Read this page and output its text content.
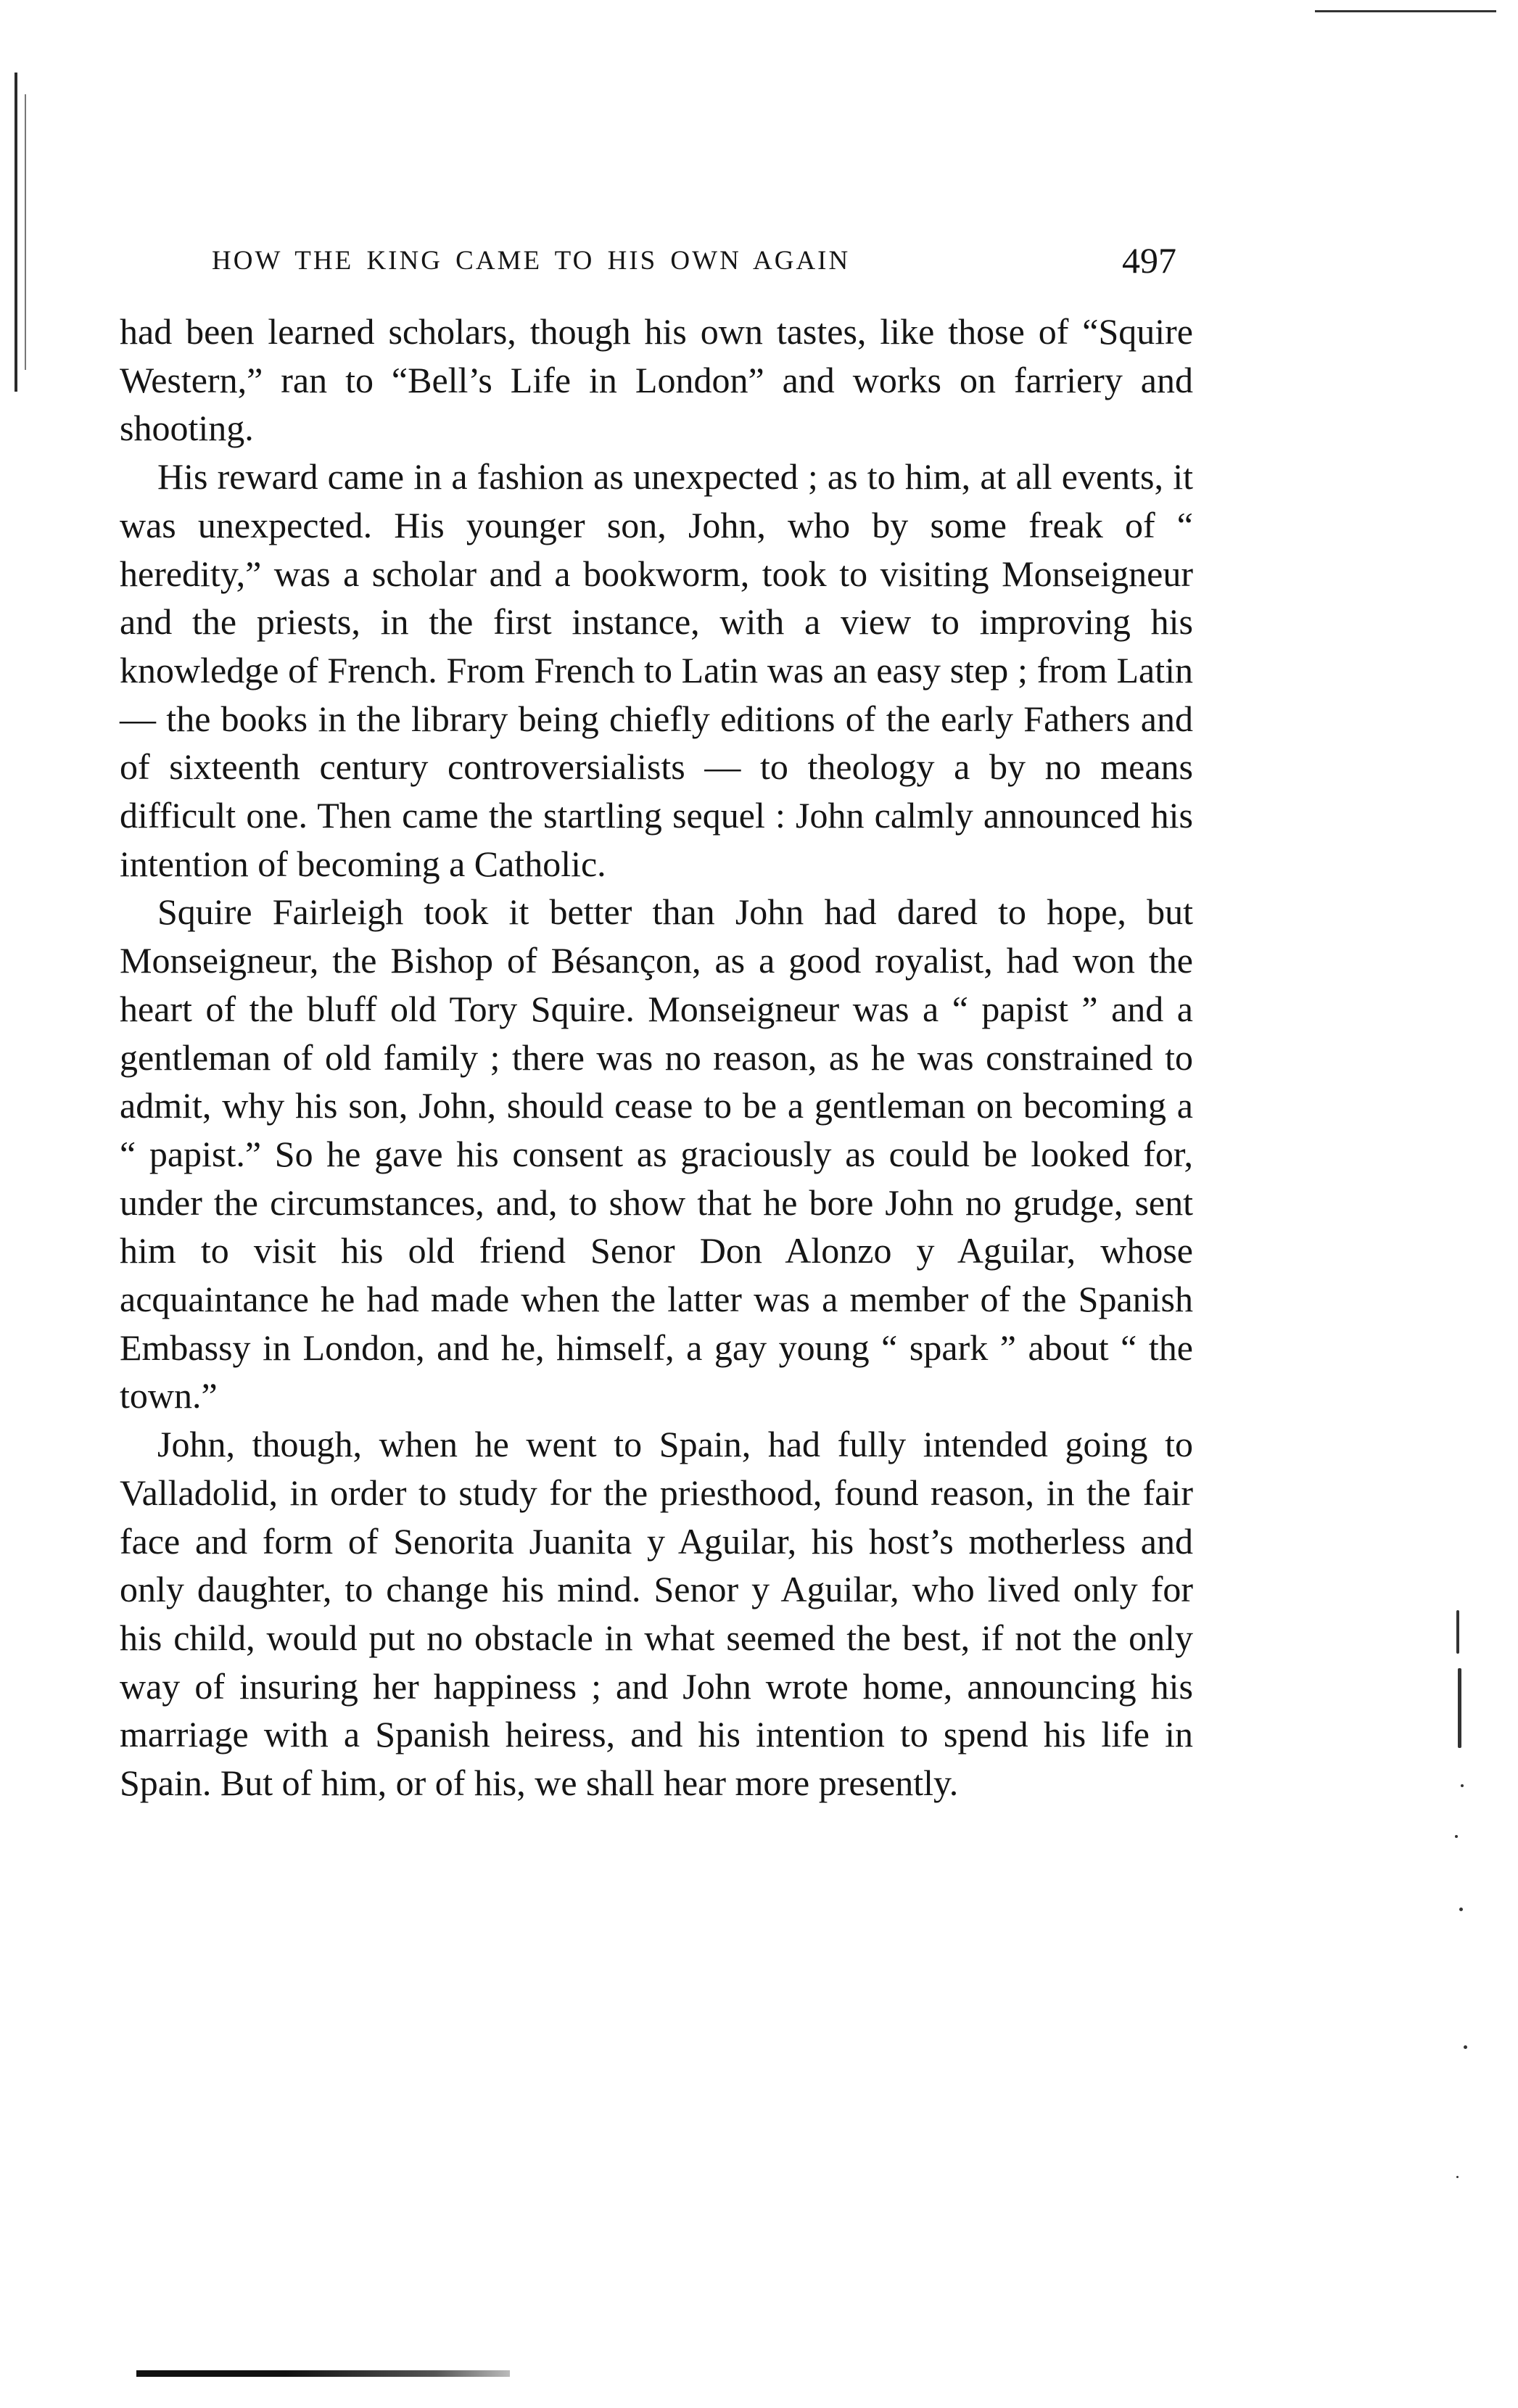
HOW THE KING CAME TO HIS OWN AGAIN	497

had been learned scholars, though his own tastes, like those of “Squire Western,” ran to “Bell’s Life in London” and works on farriery and shooting.

His reward came in a fashion as unexpected ; as to him, at all events, it was unexpected. His younger son, John, who by some freak of “ heredity,” was a scholar and a bookworm, took to visiting Monseigneur and the priests, in the first instance, with a view to improving his knowledge of French. From French to Latin was an easy step ; from Latin — the books in the library being chiefly editions of the early Fathers and of sixteenth century controversialists — to theology a by no means difficult one. Then came the startling sequel : John calmly announced his intention of becoming a Catholic.

Squire Fairleigh took it better than John had dared to hope, but Monseigneur, the Bishop of Bésançon, as a good royalist, had won the heart of the bluff old Tory Squire. Monseigneur was a “ papist ” and a gentleman of old family ; there was no reason, as he was constrained to admit, why his son, John, should cease to be a gentleman on becoming a “ papist.” So he gave his consent as graciously as could be looked for, under the circumstances, and, to show that he bore John no grudge, sent him to visit his old friend Senor Don Alonzo y Aguilar, whose acquaintance he had made when the latter was a member of the Spanish Embassy in London, and he, himself, a gay young “ spark ” about “ the town.”

John, though, when he went to Spain, had fully intended going to Valladolid, in order to study for the priesthood, found reason, in the fair face and form of Senorita Juanita y Aguilar, his host’s motherless and only daughter, to change his mind. Senor y Aguilar, who lived only for his child, would put no obstacle in what seemed the best, if not the only way of insuring her happiness ; and John wrote home, announcing his marriage with a Spanish heiress, and his intention to spend his life in Spain. But of him, or of his, we shall hear more presently.
